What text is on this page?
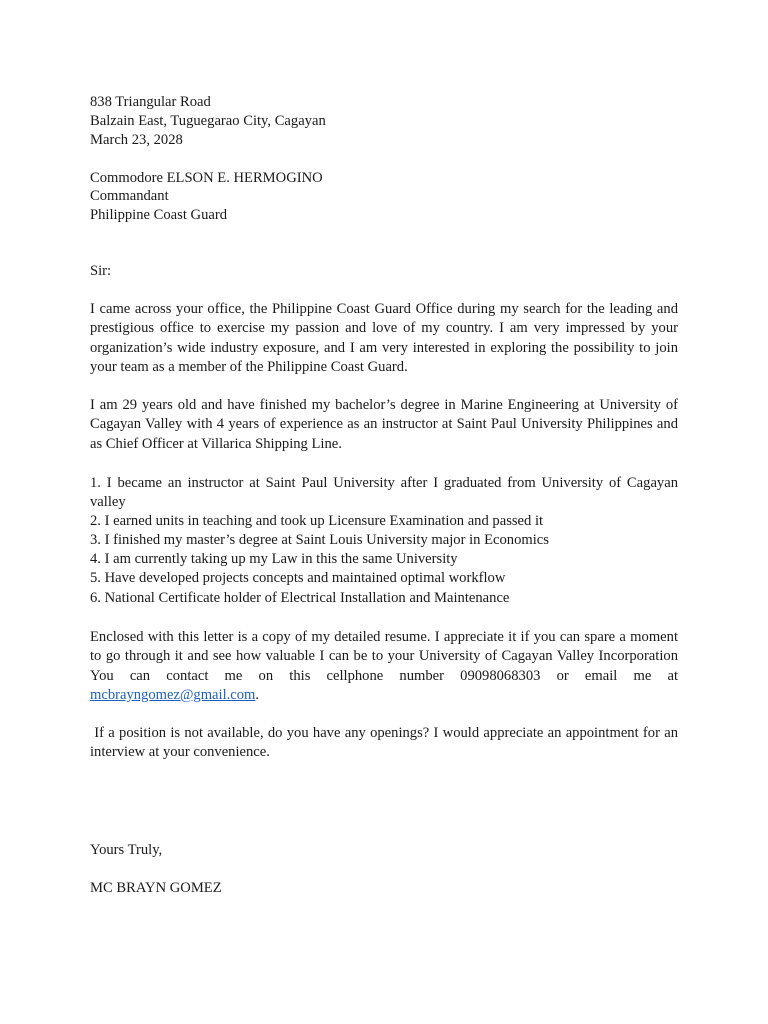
838 Triangular Road
Balzain East, Tuguegarao City, Cagayan
March 23, 2028
Commodore ELSON E. HERMOGINO
Commandant
Philippine Coast Guard
Sir:
I came across your office, the Philippine Coast Guard Office during my search for the leading and prestigious office to exercise my passion and love of my country. I am very impressed by your organization’s wide industry exposure, and I am very interested in exploring the possibility to join your team as a member of the Philippine Coast Guard.
I am 29 years old and have finished my bachelor’s degree in Marine Engineering at University of Cagayan Valley with 4 years of experience as an instructor at Saint Paul University Philippines and as Chief Officer at Villarica Shipping Line.
1. I became an instructor at Saint Paul University after I graduated from University of Cagayan
valley
2. I earned units in teaching and took up Licensure Examination and passed it
3. I finished my master’s degree at Saint Louis University major in Economics
4. I am currently taking up my Law in this the same University
5. Have developed projects concepts and maintained optimal workflow
6. National Certificate holder of Electrical Installation and Maintenance
Enclosed with this letter is a copy of my detailed resume. I appreciate it if you can spare a moment to go through it and see how valuable I can be to your University of Cagayan Valley Incorporation You can contact me on this cellphone number 09098068303 or email me at mcbrayngomez@gmail.com.
If a position is not available, do you have any openings? I would appreciate an appointment for an interview at your convenience.
Yours Truly,
MC BRAYN GOMEZ
